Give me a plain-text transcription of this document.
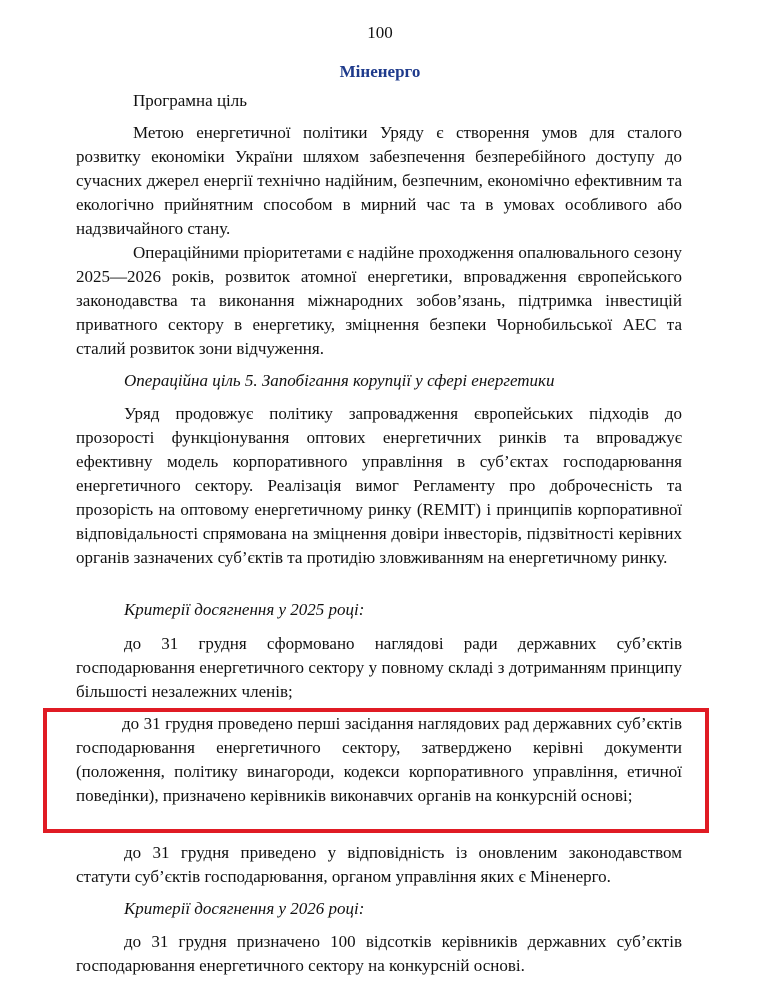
100
Міненерго

Програмна ціль

Метою енергетичної політики Уряду є створення умов для сталого розвитку економіки України шляхом забезпечення безперебійного доступу до сучасних джерел енергії технічно надійним, безпечним, економічно ефективним та екологічно прийнятним способом в мирний час та в умовах особливого або надзвичайного стану.

Операційними пріоритетами є надійне проходження опалювального сезону 2025—2026 років, розвиток атомної енергетики, впровадження європейського законодавства та виконання міжнародних зобов’язань, підтримка інвестицій приватного сектору в енергетику, зміцнення безпеки Чорнобильської АЕС та сталий розвиток зони відчуження.

Операційна ціль 5. Запобігання корупції у сфері енергетики

Уряд продовжує політику запровадження європейських підходів до прозорості функціонування оптових енергетичних ринків та впроваджує ефективну модель корпоративного управління в суб’єктах господарювання енергетичного сектору. Реалізація вимог Регламенту про доброчесність та прозорість на оптовому енергетичному ринку (REMIT) і принципів корпоративної відповідальності спрямована на зміцнення довіри інвесторів, підзвітності керівних органів зазначених суб’єктів та протидію зловживанням на енергетичному ринку.

Критерії досягнення у 2025 році:

до 31 грудня сформовано наглядові ради державних суб’єктів господарювання енергетичного сектору у повному складі з дотриманням принципу більшості незалежних членів;

до 31 грудня проведено перші засідання наглядових рад державних суб’єктів господарювання енергетичного сектору, затверджено керівні документи (положення, політику винагороди, кодекси корпоративного управління, етичної поведінки), призначено керівників виконавчих органів на конкурсній основі;

до 31 грудня приведено у відповідність із оновленим законодавством статути суб’єктів господарювання, органом управління яких є Міненерго.

Критерії досягнення у 2026 році:

до 31 грудня призначено 100 відсотків керівників державних суб’єктів господарювання енергетичного сектору на конкурсній основі.
